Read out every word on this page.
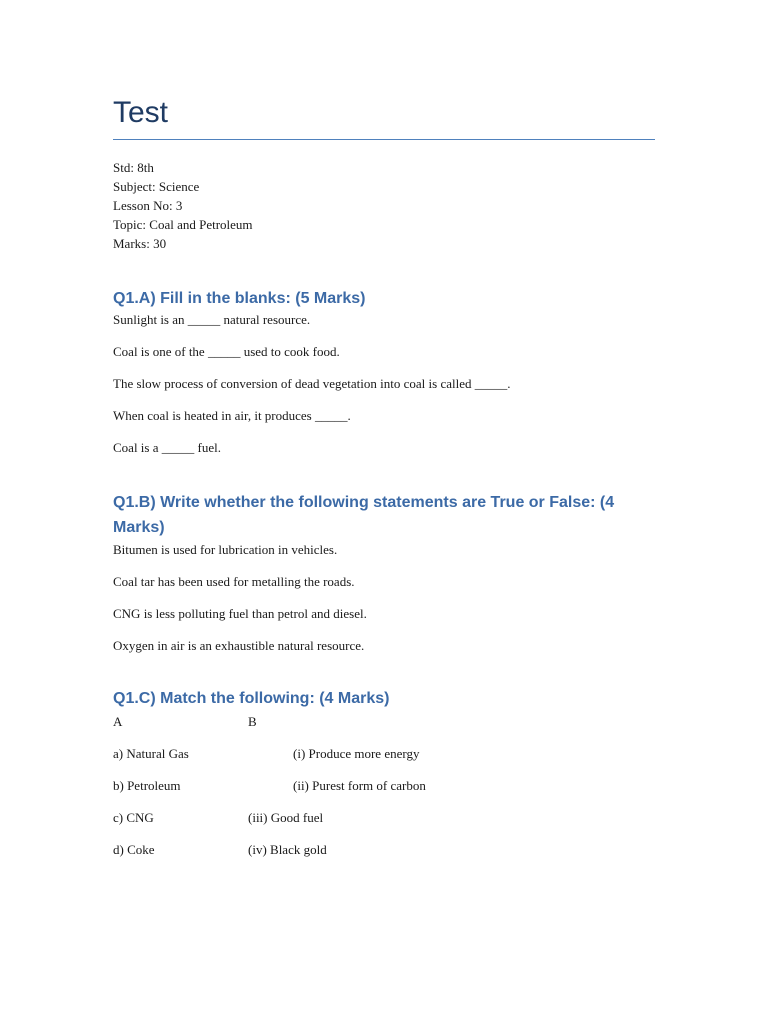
Test
Std: 8th
Subject: Science
Lesson No: 3
Topic: Coal and Petroleum
Marks: 30
Q1.A) Fill in the blanks: (5 Marks)
Sunlight is an _____ natural resource.
Coal is one of the _____ used to cook food.
The slow process of conversion of dead vegetation into coal is called _____.
When coal is heated in air, it produces _____.
Coal is a _____ fuel.
Q1.B) Write whether the following statements are True or False: (4 Marks)
Bitumen is used for lubrication in vehicles.
Coal tar has been used for metalling the roads.
CNG is less polluting fuel than petrol and diesel.
Oxygen in air is an exhaustible natural resource.
Q1.C) Match the following: (4 Marks)
A	B
a) Natural Gas	(i) Produce more energy
b) Petroleum	(ii) Purest form of carbon
c) CNG	(iii) Good fuel
d) Coke	(iv) Black gold
